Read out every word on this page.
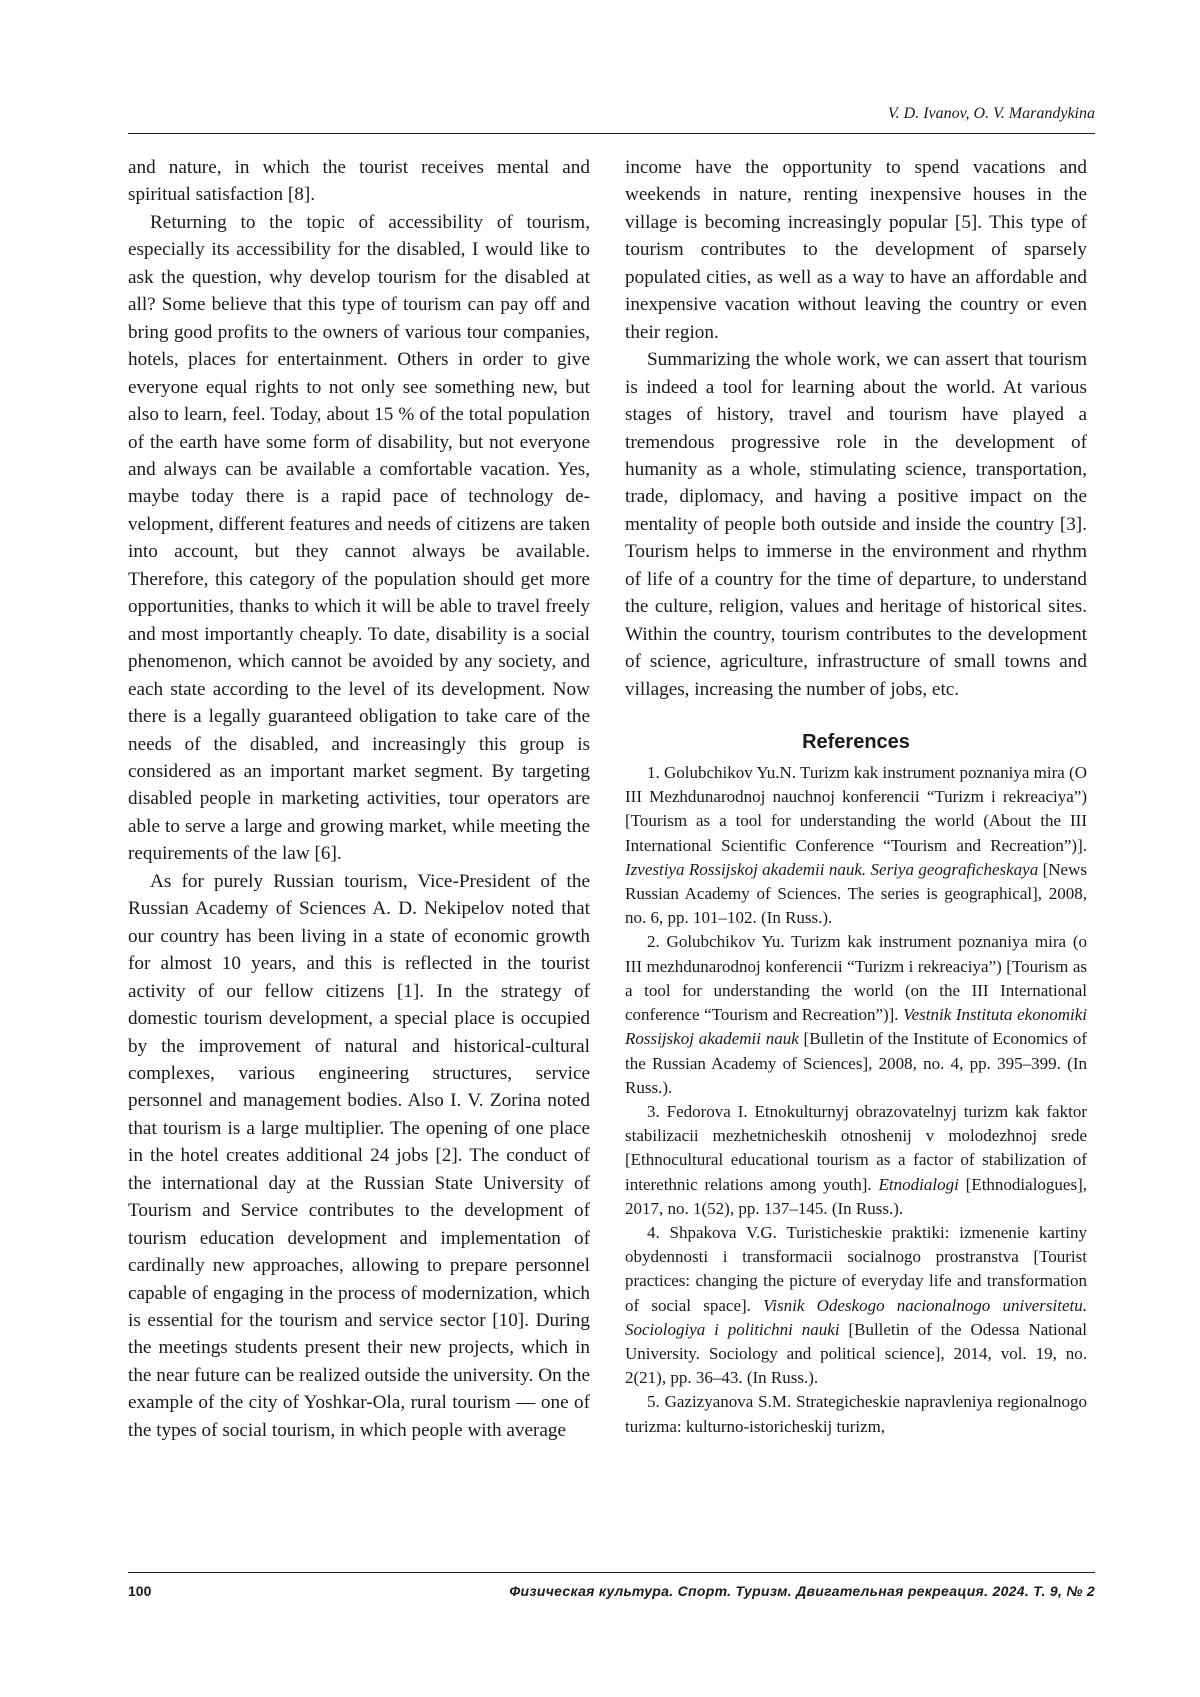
V. D. Ivanov, O. V. Marandykina

and nature, in which the tourist receives mental and spiritual satisfaction [8].

Returning to the topic of accessibility of tourism, especially its accessibility for the disabled, I would like to ask the question, why develop tourism for the disabled at all? Some believe that this type of tourism can pay off and bring good profits to the owners of various tour companies, hotels, places for entertainment. Others in order to give everyone equal rights to not only see something new, but also to learn, feel. Today, about 15 % of the total population of the earth have some form of disability, but not everyone and always can be available a comfortable vacation. Yes, maybe today there is a rapid pace of technology development, different features and needs of citizens are taken into account, but they cannot always be available. Therefore, this category of the population should get more opportunities, thanks to which it will be able to travel freely and most importantly cheaply. To date, disability is a social phenomenon, which cannot be avoided by any society, and each state according to the level of its development. Now there is a legally guaranteed obligation to take care of the needs of the disabled, and increasingly this group is considered as an important market segment. By targeting disabled people in marketing activities, tour operators are able to serve a large and growing market, while meeting the requirements of the law [6].

As for purely Russian tourism, Vice-President of the Russian Academy of Sciences A. D. Nekipelov noted that our country has been living in a state of economic growth for almost 10 years, and this is reflected in the tourist activity of our fellow citizens [1]. In the strategy of domestic tourism development, a special place is occupied by the improvement of natural and historical-cultural complexes, various engineering structures, service personnel and management bodies. Also I. V. Zorina noted that tourism is a large multiplier. The opening of one place in the hotel creates additional 24 jobs [2]. The conduct of the international day at the Russian State University of Tourism and Service contributes to the development of tourism education development and implementation of cardinally new approaches, allowing to prepare personnel capable of engaging in the process of modernization, which is essential for the tourism and service sector [10]. During the meetings students present their new projects, which in the near future can be realized outside the university. On the example of the city of Yoshkar-Ola, rural tourism — one of the types of social tourism, in which people with average

income have the opportunity to spend vacations and weekends in nature, renting inexpensive houses in the village is becoming increasingly popular [5]. This type of tourism contributes to the development of sparsely populated cities, as well as a way to have an affordable and inexpensive vacation without leaving the country or even their region.

Summarizing the whole work, we can assert that tourism is indeed a tool for learning about the world. At various stages of history, travel and tourism have played a tremendous progressive role in the development of humanity as a whole, stimulating science, transportation, trade, diplomacy, and having a positive impact on the mentality of people both outside and inside the country [3]. Tourism helps to immerse in the environment and rhythm of life of a country for the time of departure, to understand the culture, religion, values and heritage of historical sites. Within the country, tourism contributes to the development of science, agriculture, infrastructure of small towns and villages, increasing the number of jobs, etc.

References

1. Golubchikov Yu.N. Turizm kak instrument poznaniya mira (O III Mezhdunarodnoj nauchnoj konferencii “Turizm i rekreaciya”) [Tourism as a tool for understanding the world (About the III International Scientific Conference “Tourism and Recreation”)]. Izvestiya Rossijskoj akademii nauk. Seriya geograficheskaya [News Russian Academy of Sciences. The series is geographical], 2008, no. 6, pp. 101–102. (In Russ.).

2. Golubchikov Yu. Turizm kak instrument poznaniya mira (o III mezhdunarodnoj konferencii “Turizm i rekreaciya”) [Tourism as a tool for understanding the world (on the III International conference “Tourism and Recreation”)]. Vestnik Instituta ekonomiki Rossijskoj akademii nauk [Bulletin of the Institute of Economics of the Russian Academy of Sciences], 2008, no. 4, pp. 395–399. (In Russ.).

3. Fedorova I. Etnokulturnyj obrazovatelnyj turizm kak faktor stabilizacii mezhetnicheskih otnoshenij v molodezhnoj srede [Ethnocultural educational tourism as a factor of stabilization of interethnic relations among youth]. Etnodialogi [Ethnodialogues], 2017, no. 1(52), pp. 137–145. (In Russ.).

4. Shpakova V.G. Turisticheskie praktiki: izmenenie kartiny obydennosti i transformacii socialnogo prostranstva [Tourist practices: changing the picture of everyday life and transformation of social space]. Visnik Odeskogo nacionalnogo universitetu. Sociologiya i politichni nauki [Bulletin of the Odessa National University. Sociology and political science], 2014, vol. 19, no. 2(21), pp. 36–43. (In Russ.).

5. Gazizyanova S.M. Strategicheskie napravleniya regionalnogo turizma: kulturno-istoricheskij turizm,

100	Физическая культура. Спорт. Туризм. Двигательная рекреация. 2024. Т. 9, № 2
